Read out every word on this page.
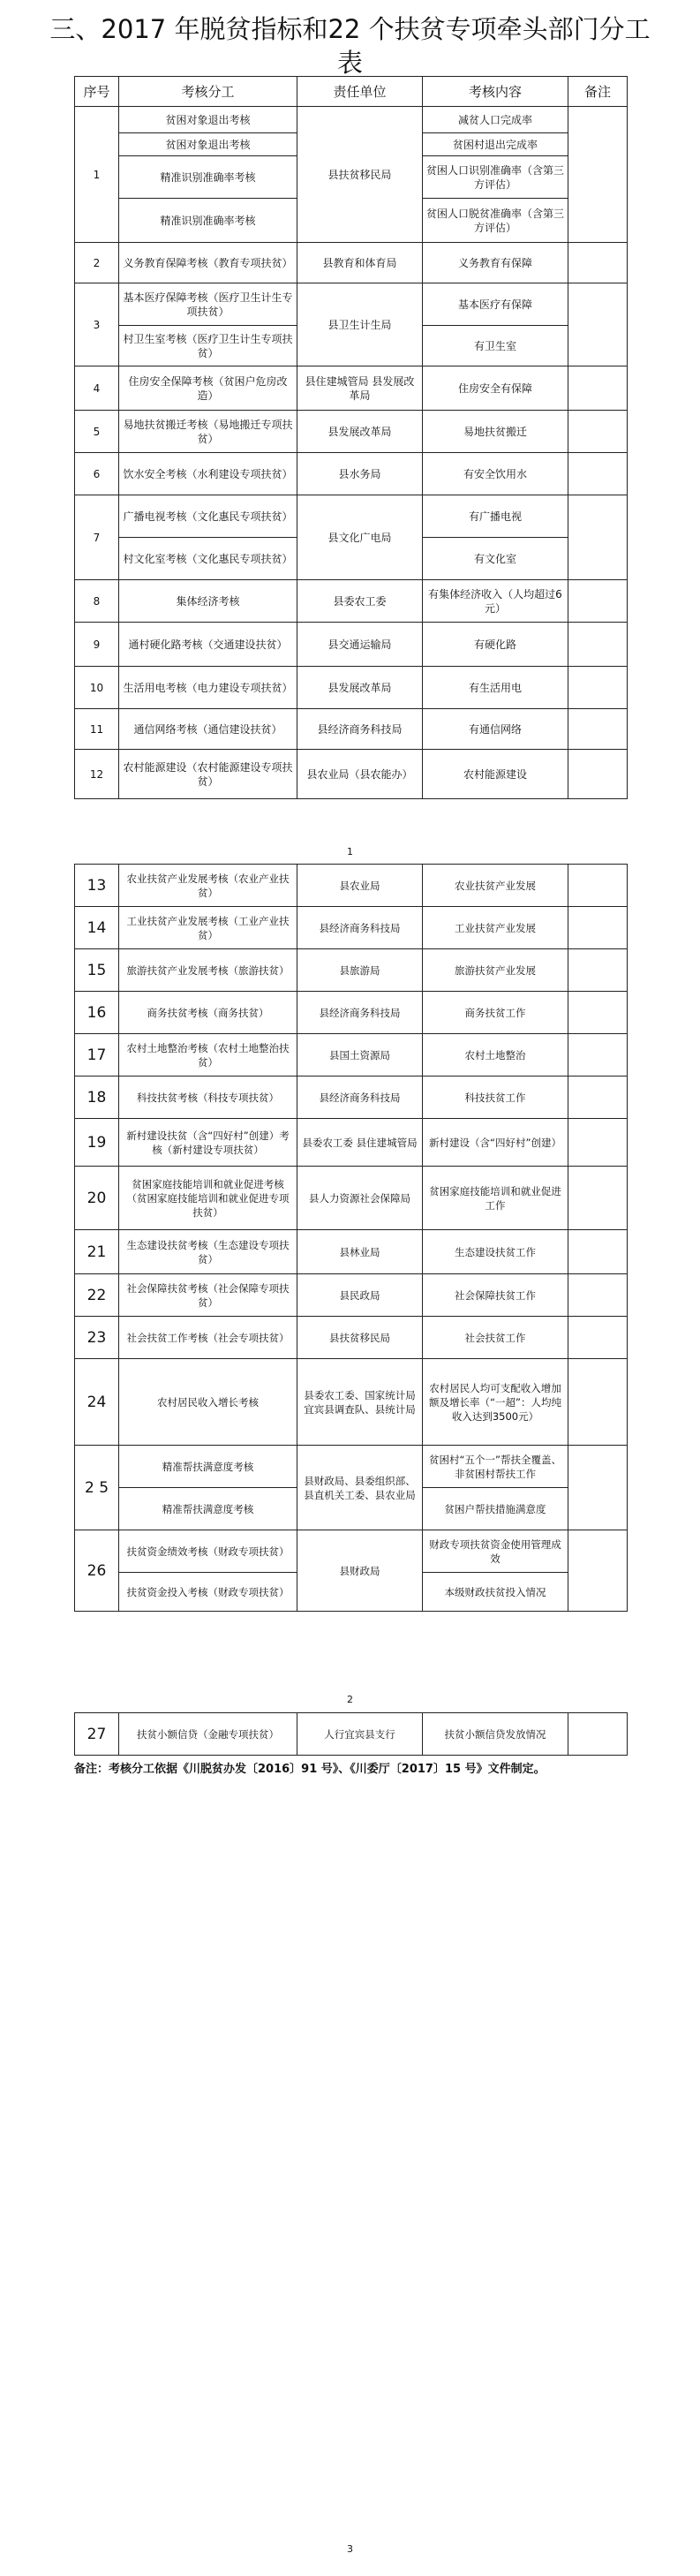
三、2017 年脱贫指标和22 个扶贫专项牵头部门分工
表
序号	考核分工	责任单位	考核内容	备注
1	贫困对象退出考核	县扶贫移民局	减贫人口完成率	
	贫困对象退出考核		贫困村退出完成率	
	精准识别准确率考核		贫困人口识别准确率（含第三方评估）	
	精准识别准确率考核		贫困人口脱贫准确率（含第三方评估）	
2	义务教育保障考核（教育专项扶贫）	县教育和体育局	义务教育有保障	
3	基本医疗保障考核（医疗卫生计生专项扶贫）	县卫生计生局	基本医疗有保障	
	村卫生室考核（医疗卫生计生专项扶贫）		有卫生室	
4	住房安全保障考核（贫困户危房改造）	县住建城管局 县发展改革局	住房安全有保障	
5	易地扶贫搬迁考核（易地搬迁专项扶贫）	县发展改革局	易地扶贫搬迁	
6	饮水安全考核（水利建设专项扶贫）	县水务局	有安全饮用水	
7	广播电视考核（文化惠民专项扶贫）	县文化广电局	有广播电视	
	村文化室考核（文化惠民专项扶贫）		有文化室	
8	集体经济考核	县委农工委	有集体经济收入（人均超过6元）	
9	通村硬化路考核（交通建设扶贫）	县交通运输局	有硬化路	
10	生活用电考核（电力建设专项扶贫）	县发展改革局	有生活用电	
11	通信网络考核（通信建设扶贫）	县经济商务科技局	有通信网络	
12	农村能源建设（农村能源建设专项扶贫）	县农业局（县农能办）	农村能源建设	
1
13	农业扶贫产业发展考核（农业产业扶贫）	县农业局	农业扶贫产业发展	
14	工业扶贫产业发展考核（工业产业扶贫）	县经济商务科技局	工业扶贫产业发展	
15	旅游扶贫产业发展考核（旅游扶贫）	县旅游局	旅游扶贫产业发展	
16	商务扶贫考核（商务扶贫）	县经济商务科技局	商务扶贫工作	
17	农村土地整治考核（农村土地整治扶贫）	县国土资源局	农村土地整治	
18	科技扶贫考核（科技专项扶贫）	县经济商务科技局	科技扶贫工作	
19	新村建设扶贫（含“四好村”创建）考核（新村建设专项扶贫）	县委农工委 县住建城管局	新村建设（含“四好村”创建）	
20	贫困家庭技能培训和就业促进考核（贫困家庭技能培训和就业促进专项扶贫）	县人力资源社会保障局	贫困家庭技能培训和就业促进工作	
21	生态建设扶贫考核（生态建设专项扶贫）	县林业局	生态建设扶贫工作	
22	社会保障扶贫考核（社会保障专项扶贫）	县民政局	社会保障扶贫工作	
23	社会扶贫工作考核（社会专项扶贫）	县扶贫移民局	社会扶贫工作	
24	农村居民收入增长考核	县委农工委、国家统计局宜宾县调查队、县统计局	农村居民人均可支配收入增加额及增长率（“一超”：人均纯收入达到3500元）	
2 5	精准帮扶满意度考核	县财政局、县委组织部、县直机关工委、县农业局	贫困村“五个一”帮扶全覆盖、非贫困村帮扶工作	
	精准帮扶满意度考核		贫困户帮扶措施满意度	
26	扶贫资金绩效考核（财政专项扶贫）	县财政局	财政专项扶贫资金使用管理成效	
	扶贫资金投入考核（财政专项扶贫）		本级财政扶贫投入情况	
2
27	扶贫小额信贷（金融专项扶贫）	人行宜宾县支行	扶贫小额信贷发放情况	
备注：考核分工依据《川脱贫办发〔2016〕91 号》、《川委厅〔2017〕15 号》文件制定。
3
